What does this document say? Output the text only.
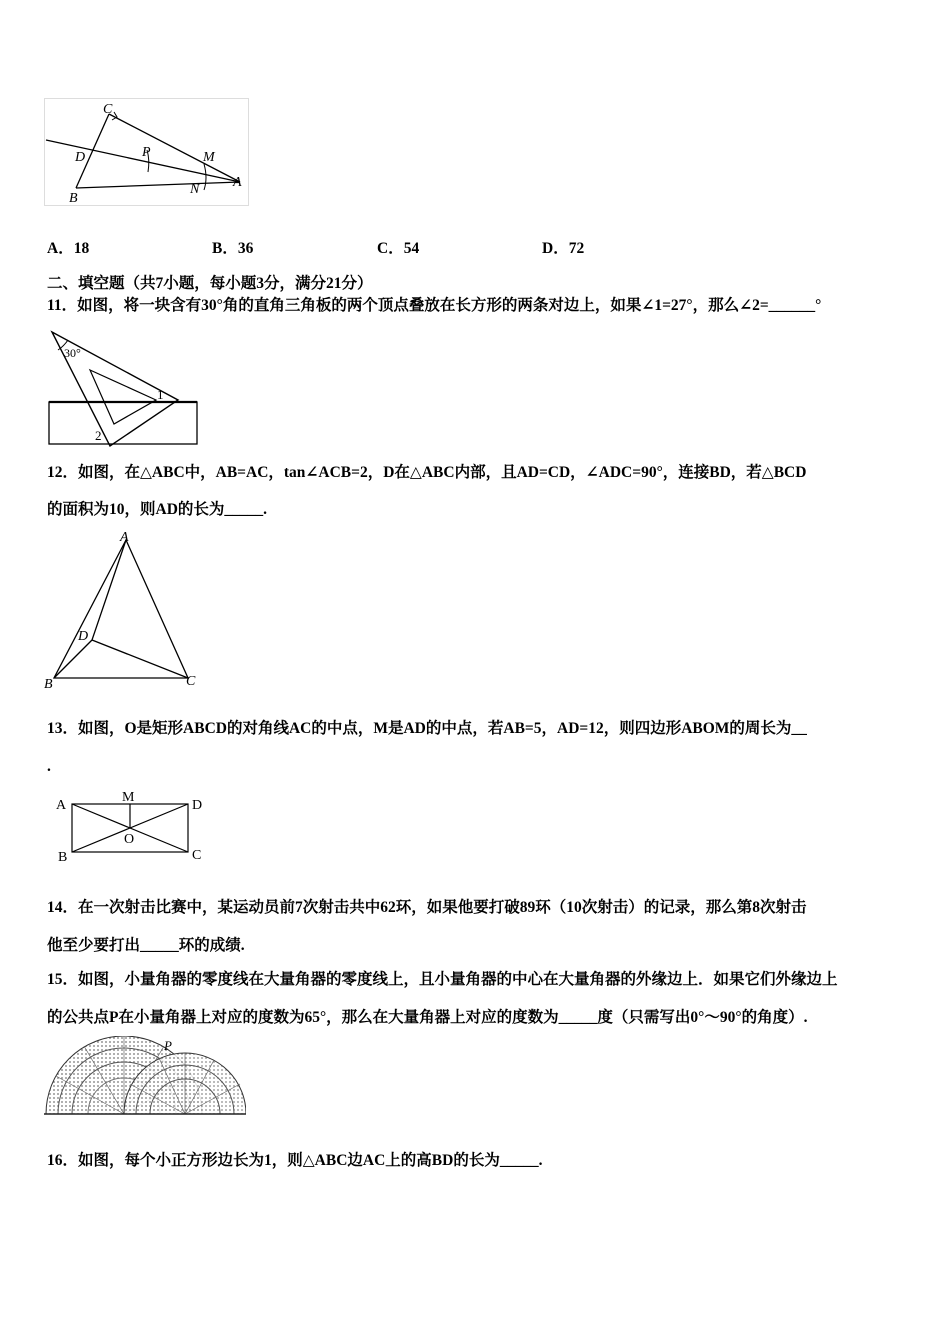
C
D	P	M
B
N A
A．18	B．36	C．54	D．72
二、填空题（共7小题，每小题3分，满分21分）
11．如图，将一块含有30°角的直角三角板的两个顶点叠放在长方形的两条对边上，如果∠1=27°，那么∠2=______°
30°
1
2
12．如图，在△ABC中，AB=AC，tan∠ACB=2，D在△ABC内部，且AD=CD，∠ADC=90°，连接BD，若△BCD
的面积为10，则AD的长为_____.
A
D
B	C
13．如图，O是矩形ABCD的对角线AC的中点，M是AD的中点，若AB=5，AD=12，则四边形ABOM的周长为__
.
A
M
D
O
B	C
14．在一次射击比赛中，某运动员前7次射击共中62环，如果他要打破89环（10次射击）的记录，那么第8次射击
他至少要打出_____环的成绩.
15．如图，小量角器的零度线在大量角器的零度线上，且小量角器的中心在大量角器的外缘边上．如果它们外缘边上
的公共点P在小量角器上对应的度数为65°，那么在大量角器上对应的度数为_____度（只需写出0°～90°的角度）.
P
16．如图，每个小正方形边长为1，则△ABC边AC上的高BD的长为_____.
